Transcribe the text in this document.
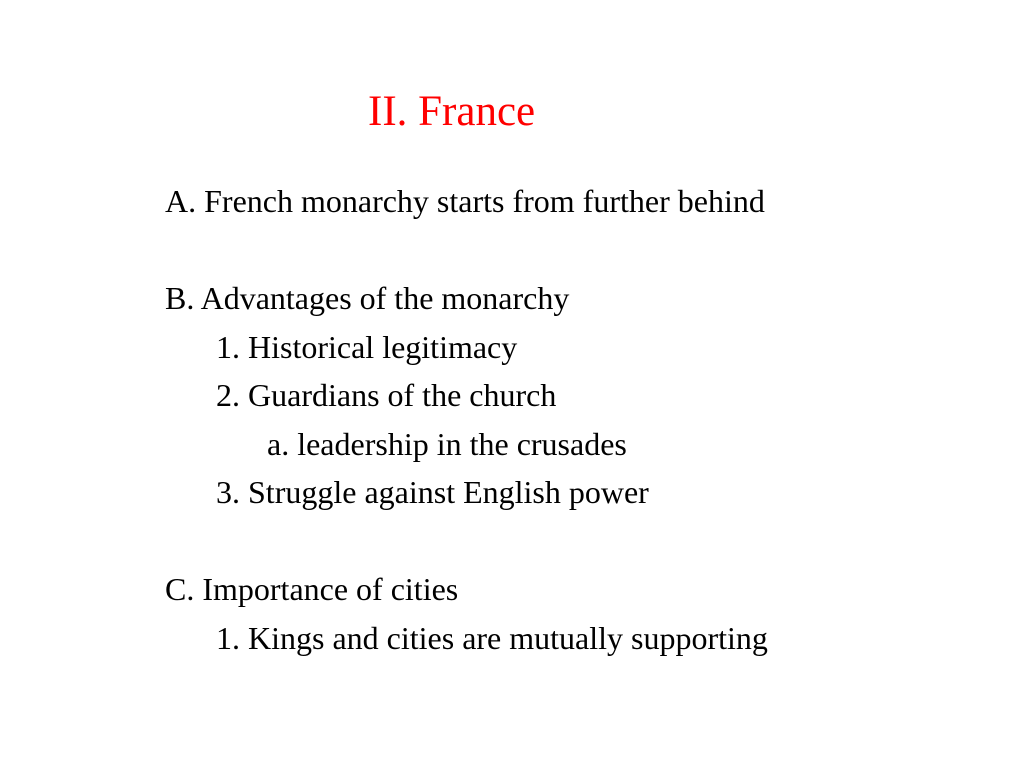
II. France
A. French monarchy starts from further behind
B. Advantages of the monarchy
1. Historical legitimacy
2. Guardians of the church
a. leadership in the crusades
3. Struggle against English power
C. Importance of cities
1. Kings and cities are mutually supporting
